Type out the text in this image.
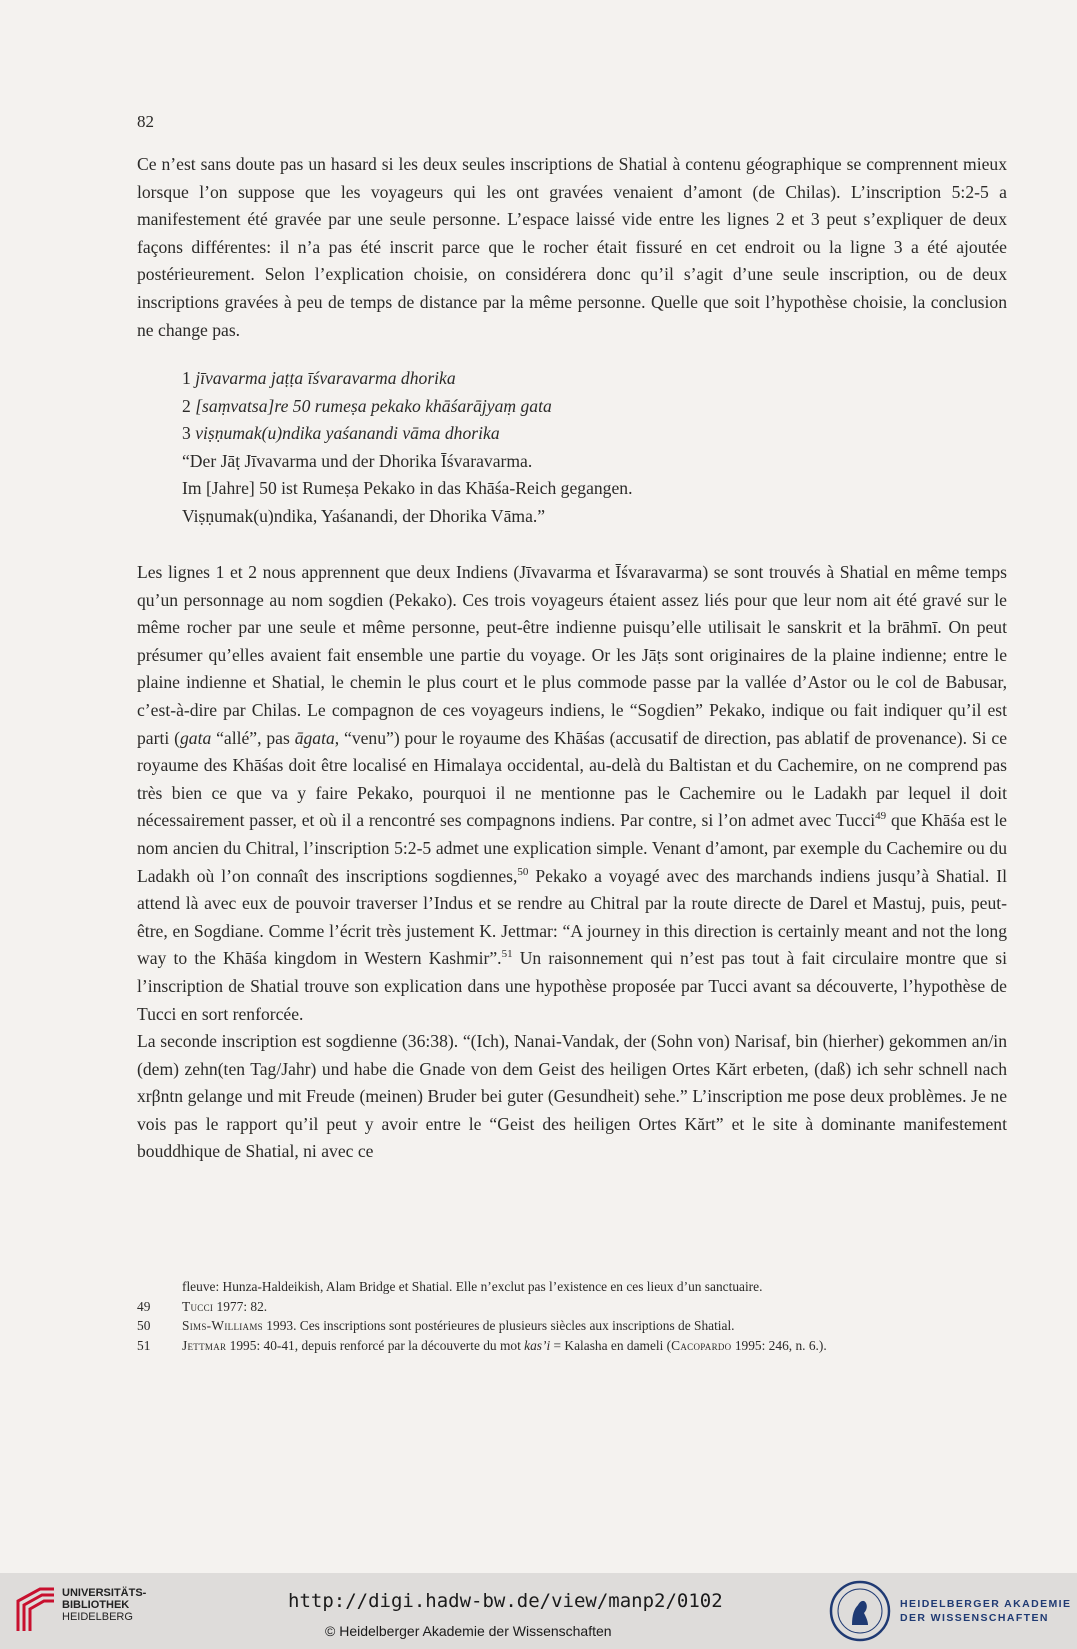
82

Ce n’est sans doute pas un hasard si les deux seules inscriptions de Shatial à contenu géographique se comprennent mieux lorsque l’on suppose que les voyageurs qui les ont gravées venaient d’amont (de Chilas). L’inscription 5:2-5 a manifestement été gravée par une seule personne. L’espace laissé vide entre les lignes 2 et 3 peut s’expliquer de deux façons différentes: il n’a pas été inscrit parce que le rocher était fissuré en cet endroit ou la ligne 3 a été ajoutée postérieurement. Selon l’explication choisie, on considérera donc qu’il s’agit d’une seule inscription, ou de deux inscriptions gravées à peu de temps de distance par la même personne. Quelle que soit l’hypothèse choisie, la conclusion ne change pas.

1 jīvavarma jaṭṭa īśvaravarma dhorika
2 [saṃvatsa]re 50 rumeṣa pekako khāśarājyaṃ gata
3 viṣṇumak(u)ndika yaśanandi vāma dhorika
“Der Jāṭ Jīvavarma und der Dhorika Īśvaravarma.
Im [Jahre] 50 ist Rumeṣa Pekako in das Khāśa-Reich gegangen.
Viṣṇumak(u)ndika, Yaśanandi, der Dhorika Vāma.”

Les lignes 1 et 2 nous apprennent que deux Indiens (Jīvavarma et Īśvaravarma) se sont trouvés à Shatial en même temps qu’un personnage au nom sogdien (Pekako). Ces trois voyageurs étaient assez liés pour que leur nom ait été gravé sur le même rocher par une seule et même personne, peut-être indienne puisqu’elle utilisait le sanskrit et la brāhmī. On peut présumer qu’elles avaient fait ensemble une partie du voyage. Or les Jāṭs sont originaires de la plaine indienne; entre le plaine indienne et Shatial, le chemin le plus court et le plus commode passe par la vallée d’Astor ou le col de Babusar, c’est-à-dire par Chilas. Le compagnon de ces voyageurs indiens, le “Sogdien” Pekako, indique ou fait indiquer qu’il est parti (gata “allé”, pas āgata, “venu”) pour le royaume des Khāśas (accusatif de direction, pas ablatif de provenance). Si ce royaume des Khāśas doit être localisé en Himalaya occidental, au-delà du Baltistan et du Cachemire, on ne comprend pas très bien ce que va y faire Pekako, pourquoi il ne mentionne pas le Cachemire ou le Ladakh par lequel il doit nécessairement passer, et où il a rencontré ses compagnons indiens. Par contre, si l’on admet avec Tucci$^{49}$ que Khāśa est le nom ancien du Chitral, l’inscription 5:2-5 admet une explication simple. Venant d’amont, par exemple du Cachemire ou du Ladakh où l’on connaît des inscriptions sogdiennes,$^{50}$ Pekako a voyagé avec des marchands indiens jusqu’à Shatial. Il attend là avec eux de pouvoir traverser l’Indus et se rendre au Chitral par la route directe de Darel et Mastuj, puis, peut-être, en Sogdiane. Comme l’écrit très justement K. Jettmar: “A journey in this direction is certainly meant and not the long way to the Khāśa kingdom in Western Kashmir”.$^{51}$ Un raisonnement qui n’est pas tout à fait circulaire montre que si l’inscription de Shatial trouve son explication dans une hypothèse proposée par Tucci avant sa découverte, l’hypothèse de Tucci en sort renforcée.

La seconde inscription est sogdienne (36:38). “(Ich), Nanai-Vandak, der (Sohn von) Narisaf, bin (hierher) gekommen an/in (dem) zehn(ten Tag/Jahr) und habe die Gnade von dem Geist des heiligen Ortes Kărt erbeten, (daß) ich sehr schnell nach xrβntn gelange und mit Freude (meinen) Bruder bei guter (Gesundheit) sehe.” L’inscription me pose deux problèmes. Je ne vois pas le rapport qu’il peut y avoir entre le “Geist des heiligen Ortes Kărt” et le site à dominante manifestement bouddhique de Shatial, ni avec ce

fleuve: Hunza-Haldeikish, Alam Bridge et Shatial. Elle n’exclut pas l’existence en ces lieux d’un sanctuaire.
49	Tucci 1977: 82.
50	Sims-Williams 1993. Ces inscriptions sont postérieures de plusieurs siècles aux inscriptions de Shatial.
51	Jettmar 1995: 40-41, depuis renforcé par la découverte du mot kas’i = Kalasha en dameli (Cacopardo 1995: 246, n. 6.).
UNIVERSITÄTS-
BIBLIOTHEK
HEIDELBERG
http://digi.hadw-bw.de/view/manp2/0102
© Heidelberger Akademie der Wissenschaften
HEIDELBERGER AKADEMIE
DER WISSENSCHAFTEN
